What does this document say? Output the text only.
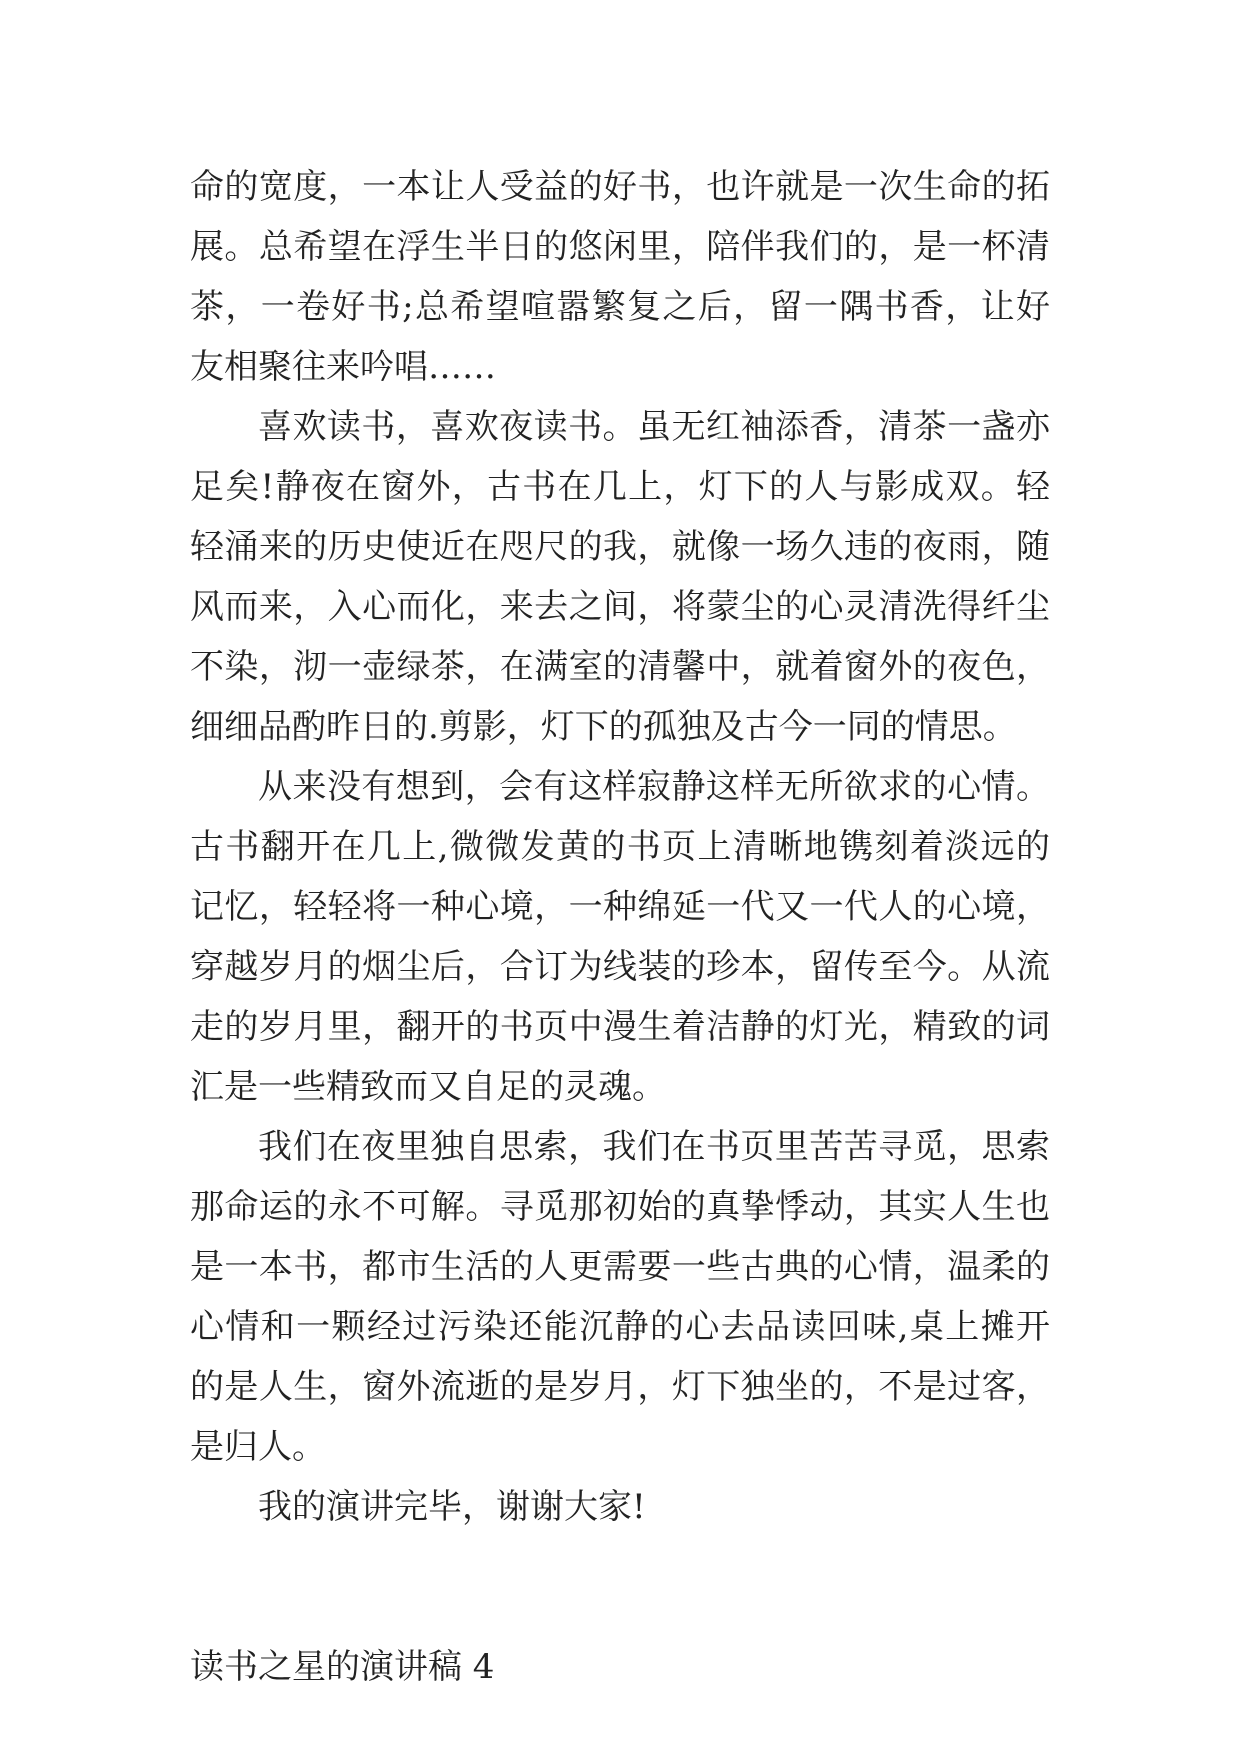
命的宽度，一本让人受益的好书，也许就是一次生命的拓展。总希望在浮生半日的悠闲里，陪伴我们的，是一杯清茶，一卷好书;总希望喧嚣繁复之后，留一隅书香，让好友相聚往来吟唱……

喜欢读书，喜欢夜读书。虽无红袖添香，清茶一盏亦足矣!静夜在窗外，古书在几上，灯下的人与影成双。轻轻涌来的历史使近在咫尺的我，就像一场久违的夜雨，随风而来，入心而化，来去之间，将蒙尘的心灵清洗得纤尘不染，沏一壶绿茶，在满室的清馨中，就着窗外的夜色，细细品酌昨日的.剪影，灯下的孤独及古今一同的情思。

从来没有想到，会有这样寂静这样无所欲求的心情。古书翻开在几上,微微发黄的书页上清晰地镌刻着淡远的记忆，轻轻将一种心境，一种绵延一代又一代人的心境，穿越岁月的烟尘后，合订为线装的珍本，留传至今。从流走的岁月里，翻开的书页中漫生着洁静的灯光，精致的词汇是一些精致而又自足的灵魂。

我们在夜里独自思索，我们在书页里苦苦寻觅，思索那命运的永不可解。寻觅那初始的真挚悸动，其实人生也是一本书，都市生活的人更需要一些古典的心情，温柔的心情和一颗经过污染还能沉静的心去品读回味,桌上摊开的是人生，窗外流逝的是岁月，灯下独坐的，不是过客，是归人。

我的演讲完毕，谢谢大家!

读书之星的演讲稿 4
